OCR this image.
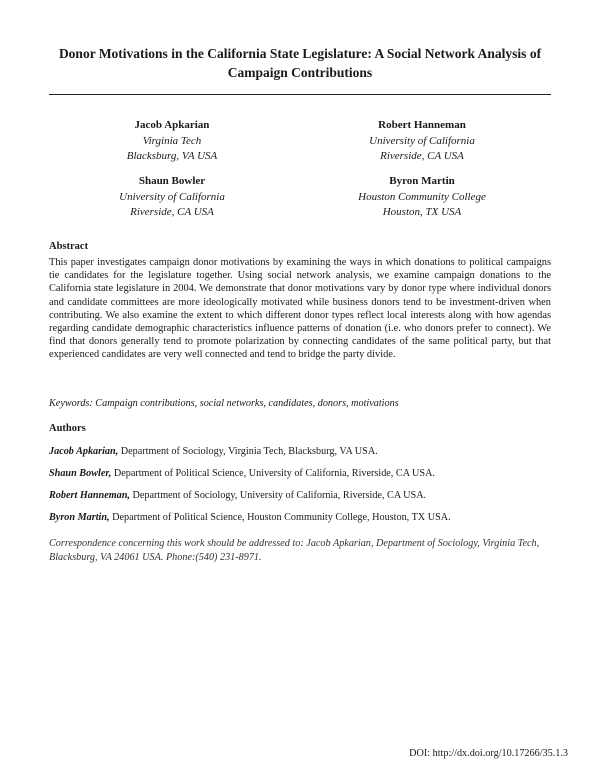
Donor Motivations in the California State Legislature: A Social Network Analysis of Campaign Contributions
Jacob Apkarian
Virginia Tech
Blacksburg, VA USA
Robert Hanneman
University of California
Riverside, CA USA
Shaun Bowler
University of California
Riverside, CA USA
Byron Martin
Houston Community College
Houston, TX USA
Abstract
This paper investigates campaign donor motivations by examining the ways in which donations to political campaigns tie candidates for the legislature together. Using social network analysis, we examine campaign donations to the California state legislature in 2004. We demonstrate that donor motivations vary by donor type where individual donors and candidate committees are more ideologically motivated while business donors tend to be investment-driven when contributing. We also examine the extent to which different donor types reflect local interests along with how agendas regarding candidate demographic characteristics influence patterns of donation (i.e. who donors prefer to connect). We find that donors generally tend to promote polarization by connecting candidates of the same political party, but that experienced candidates are very well connected and tend to bridge the party divide.
Keywords: Campaign contributions, social networks, candidates, donors, motivations
Authors
Jacob Apkarian, Department of Sociology, Virginia Tech, Blacksburg, VA USA.
Shaun Bowler, Department of Political Science, University of California, Riverside, CA USA.
Robert Hanneman, Department of Sociology, University of California, Riverside, CA USA.
Byron Martin, Department of Political Science, Houston Community College, Houston, TX USA.
Correspondence concerning this work should be addressed to: Jacob Apkarian, Department of Sociology, Virginia Tech, Blacksburg, VA 24061 USA. Phone:(540) 231-8971.
DOI: http://dx.doi.org/10.17266/35.1.3
